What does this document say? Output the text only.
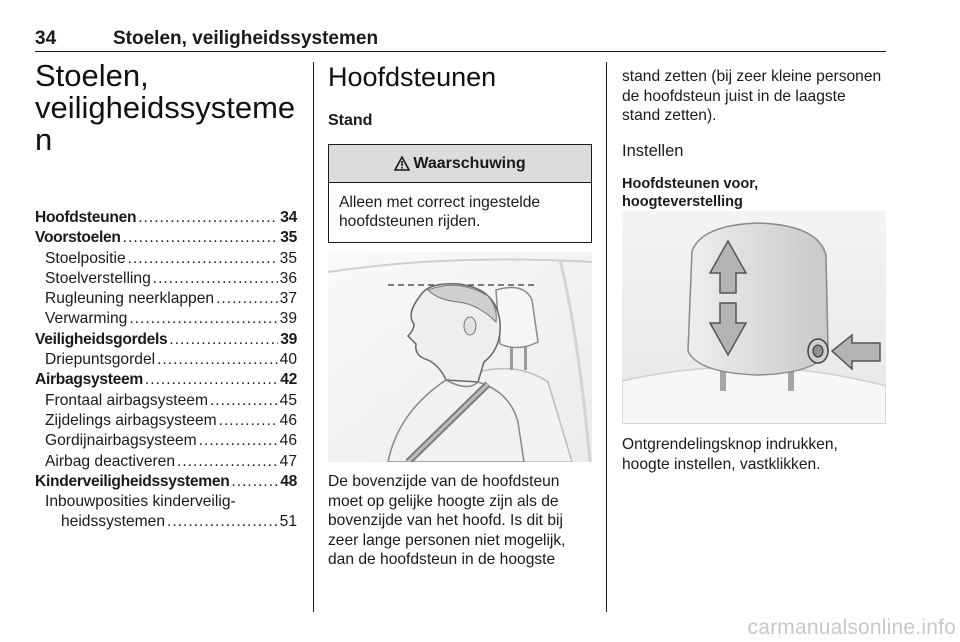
34	Stoelen, veiligheidssystemen
Stoelen,
veiligheidssysteme
n
Hoofdsteunen .....	34
Voorstoelen .....	35
Stoelpositie .....	35
Stoelverstelling .....	36
Rugleuning neerklappen .....	37
Verwarming .....	39
Veiligheidsgordels .....	39
Driepuntsgordel .....	40
Airbagsysteem .....	42
Frontaal airbagsysteem .....	45
Zijdelings airbagsysteem .....	46
Gordijnairbagsysteem .....	46
Airbag deactiveren .....	47
Kinderveiligheidssystemen .....	48
Inbouwposities kinderveilig-
heidssystemen .....	51
Hoofdsteunen
Stand
Waarschuwing
Alleen met correct ingestelde hoofdsteunen rijden.
De bovenzijde van de hoofdsteun moet op gelijke hoogte zijn als de bovenzijde van het hoofd. Is dit bij zeer lange personen niet mogelijk, dan de hoofdsteun in de hoogste
stand zetten (bij zeer kleine personen de hoofdsteun juist in de laagste stand zetten).
Instellen
Hoofdsteunen voor,
hoogteverstelling
Ontgrendelingsknop indrukken, hoogte instellen, vastklikken.
carmanualsonline.info
